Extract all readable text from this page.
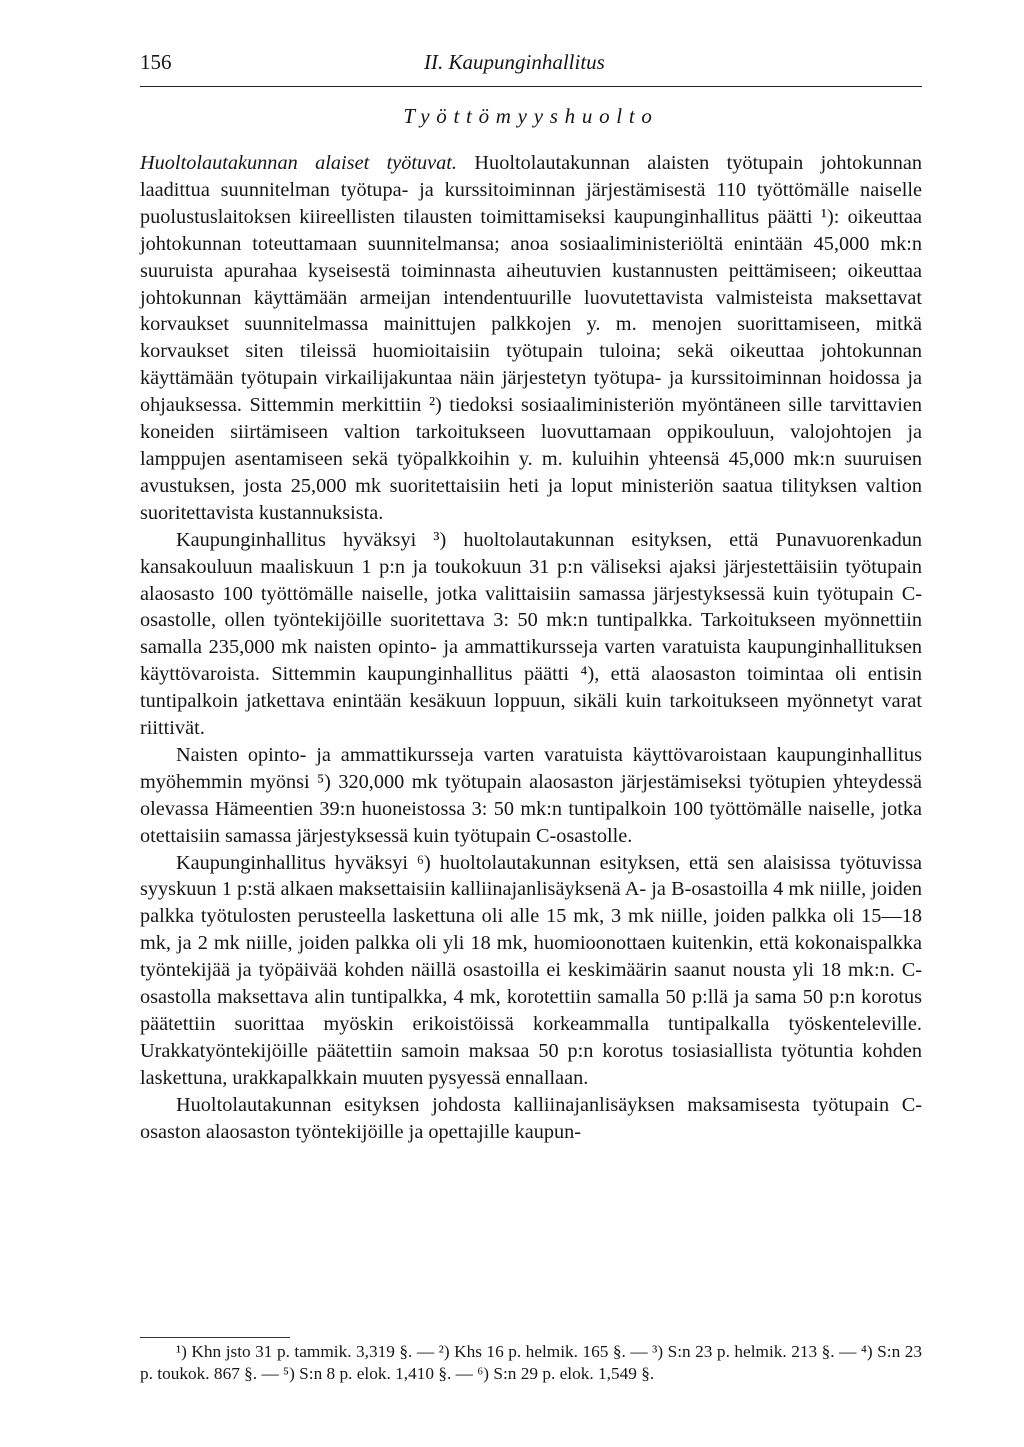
156	II. Kaupunginhallitus
Työttömyyshuolto

Huoltolautakunnan alaiset työtuvat. Huoltolautakunnan alaisten työtupain johtokunnan laadittua suunnitelman työtupa- ja kurssitoiminnan järjestämisestä 110 työttömälle naiselle puolustuslaitoksen kiireellisten tilausten toimittamiseksi kaupunginhallitus päätti ¹): oikeuttaa johtokunnan toteuttamaan suunnitelmansa; anoa sosiaaliministeriöltä enintään 45,000 mk:n suuruista apurahaa kyseisestä toiminnasta aiheutuvien kustannusten peittämiseen; oikeuttaa johtokunnan käyttämään armeijan intendentuurille luovutettavista valmisteista maksettavat korvaukset suunnitelmassa mainittujen palkkojen y. m. menojen suorittamiseen, mitkä korvaukset siten tileissä huomioitaisiin työtupain tuloina; sekä oikeuttaa johtokunnan käyttämään työtupain virkailijakuntaa näin järjestetyn työtupa- ja kurssitoiminnan hoidossa ja ohjauksessa. Sittemmin merkittiin ²) tiedoksi sosiaaliministeriön myöntäneen sille tarvittavien koneiden siirtämiseen valtion tarkoitukseen luovuttamaan oppikouluun, valojohtojen ja lamppujen asentamiseen sekä työpalkkoihin y. m. kuluihin yhteensä 45,000 mk:n suuruisen avustuksen, josta 25,000 mk suoritettaisiin heti ja loput ministeriön saatua tilityksen valtion suoritettavista kustannuksista.

Kaupunginhallitus hyväksyi ³) huoltolautakunnan esityksen, että Punavuorenkadun kansakouluun maaliskuun 1 p:n ja toukokuun 31 p:n väliseksi ajaksi järjestettäisiin työtupain alaosasto 100 työttömälle naiselle, jotka valittaisiin samassa järjestyksessä kuin työtupain C-osastolle, ollen työntekijöille suoritettava 3: 50 mk:n tuntipalkka. Tarkoitukseen myönnettiin samalla 235,000 mk naisten opinto- ja ammattikursseja varten varatuista kaupunginhallituksen käyttövaroista. Sittemmin kaupunginhallitus päätti ⁴), että alaosaston toimintaa oli entisin tuntipalkoin jatkettava enintään kesäkuun loppuun, sikäli kuin tarkoitukseen myönnetyt varat riittivät.

Naisten opinto- ja ammattikursseja varten varatuista käyttövaroistaan kaupunginhallitus myöhemmin myönsi ⁵) 320,000 mk työtupain alaosaston järjestämiseksi työtupien yhteydessä olevassa Hämeentien 39:n huoneistossa 3: 50 mk:n tuntipalkoin 100 työttömälle naiselle, jotka otettaisiin samassa järjestyksessä kuin työtupain C-osastolle.

Kaupunginhallitus hyväksyi ⁶) huoltolautakunnan esityksen, että sen alaisissa työtuvissa syyskuun 1 p:stä alkaen maksettaisiin kalliinajanlisäyksenä A- ja B-osastoilla 4 mk niille, joiden palkka työtulosten perusteella laskettuna oli alle 15 mk, 3 mk niille, joiden palkka oli 15—18 mk, ja 2 mk niille, joiden palkka oli yli 18 mk, huomioonottaen kuitenkin, että kokonaispalkka työntekijää ja työpäivää kohden näillä osastoilla ei keskimäärin saanut nousta yli 18 mk:n. C-osastolla maksettava alin tuntipalkka, 4 mk, korotettiin samalla 50 p:llä ja sama 50 p:n korotus päätettiin suorittaa myöskin erikoistöissä korkeammalla tuntipalkalla työskenteleville. Urakkatyöntekijöille päätettiin samoin maksaa 50 p:n korotus tosiasiallista työtuntia kohden laskettuna, urakkapalkkain muuten pysyessä ennallaan.

Huoltolautakunnan esityksen johdosta kalliinajanlisäyksen maksamisesta työtupain C-osaston alaosaston työntekijöille ja opettajille kaupun-

¹) Khn jsto 31 p. tammik. 3,319 §. — ²) Khs 16 p. helmik. 165 §. — ³) S:n 23 p. helmik. 213 §. — ⁴) S:n 23 p. toukok. 867 §. — ⁵) S:n 8 p. elok. 1,410 §. — ⁶) S:n 29 p. elok. 1,549 §.
